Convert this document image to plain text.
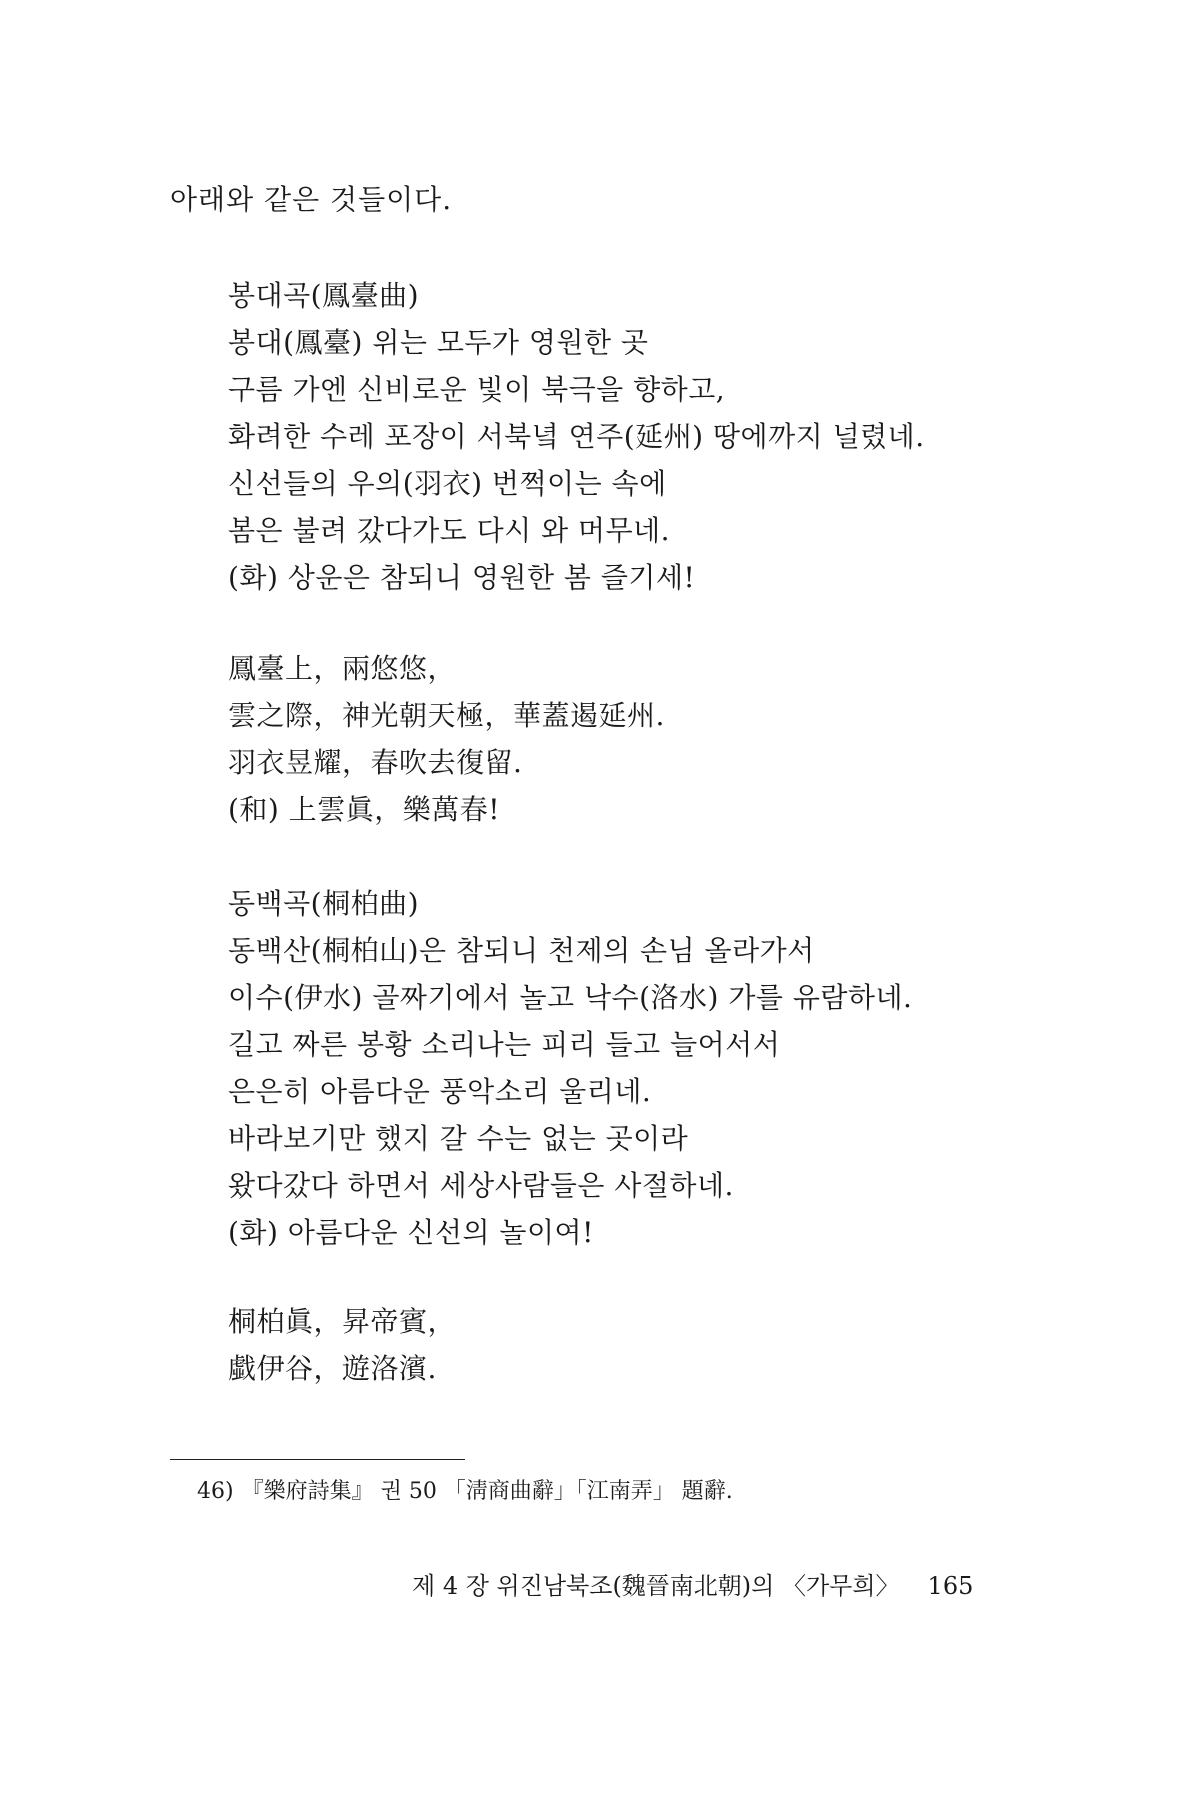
아래와 같은 것들이다.
봉대곡(鳳臺曲)
봉대(鳳臺) 위는 모두가 영원한 곳
구름 가엔 신비로운 빛이 북극을 향하고,
화려한 수레 포장이 서북녘 연주(延州) 땅에까지 널렸네.
신선들의 우의(羽衣) 번쩍이는 속에
봄은 불려 갔다가도 다시 와 머무네.
(화) 상운은 참되니 영원한 봄 즐기세!
鳳臺上，兩悠悠，
雲之際，神光朝天極，華蓋遏延州.
羽衣昱耀，春吹去復留.
(和) 上雲眞，樂萬春!
동백곡(桐柏曲)
동백산(桐柏山)은 참되니 천제의 손님 올라가서
이수(伊水) 골짜기에서 놀고 낙수(洛水) 가를 유람하네.
길고 짜른 봉황 소리나는 피리 들고 늘어서서
은은히 아름다운 풍악소리 울리네.
바라보기만 했지 갈 수는 없는 곳이라
왔다갔다 하면서 세상사람들은 사절하네.
(화) 아름다운 신선의 놀이여!
桐柏眞，昇帝賓，
戱伊谷，遊洛濱.
46) 『樂府詩集』 권 50 「淸商曲辭」「江南弄」 題辭.
제 4 장 위진남북조(魏晉南北朝)의 〈가무희〉 165
